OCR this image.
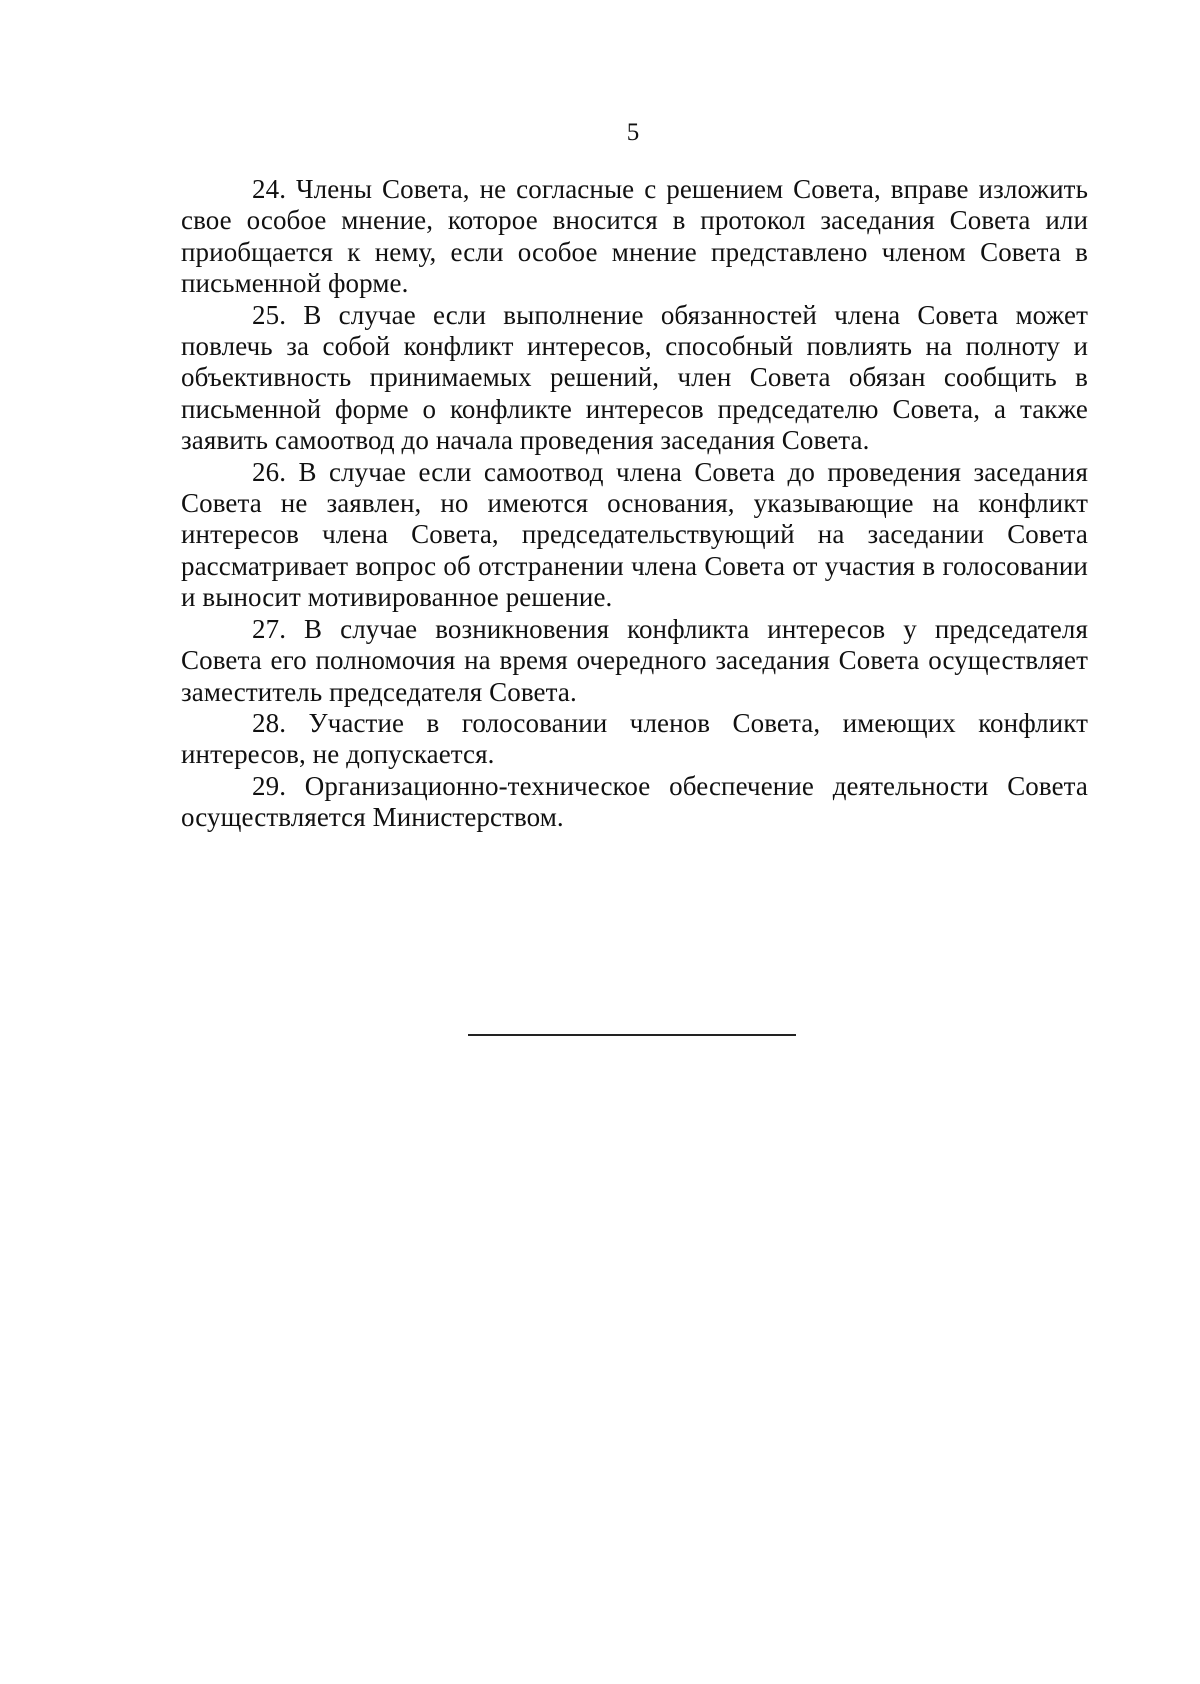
5

24. Члены Совета, не согласные с решением Совета, вправе изложить свое особое мнение, которое вносится в протокол заседания Совета или приобщается к нему, если особое мнение представлено членом Совета в письменной форме.

25. В случае если выполнение обязанностей члена Совета может повлечь за собой конфликт интересов, способный повлиять на полноту и объективность принимаемых решений, член Совета обязан сообщить в письменной форме о конфликте интересов председателю Совета, а также заявить самоотвод до начала проведения заседания Совета.

26. В случае если самоотвод члена Совета до проведения заседания Совета не заявлен, но имеются основания, указывающие на конфликт интересов члена Совета, председательствующий на заседании Совета рассматривает вопрос об отстранении члена Совета от участия в голосовании и выносит мотивированное решение.

27. В случае возникновения конфликта интересов у председателя Совета его полномочия на время очередного заседания Совета осуществляет заместитель председателя Совета.

28. Участие в голосовании членов Совета, имеющих конфликт интересов, не допускается.

29. Организационно-техническое обеспечение деятельности Совета осуществляется Министерством.
